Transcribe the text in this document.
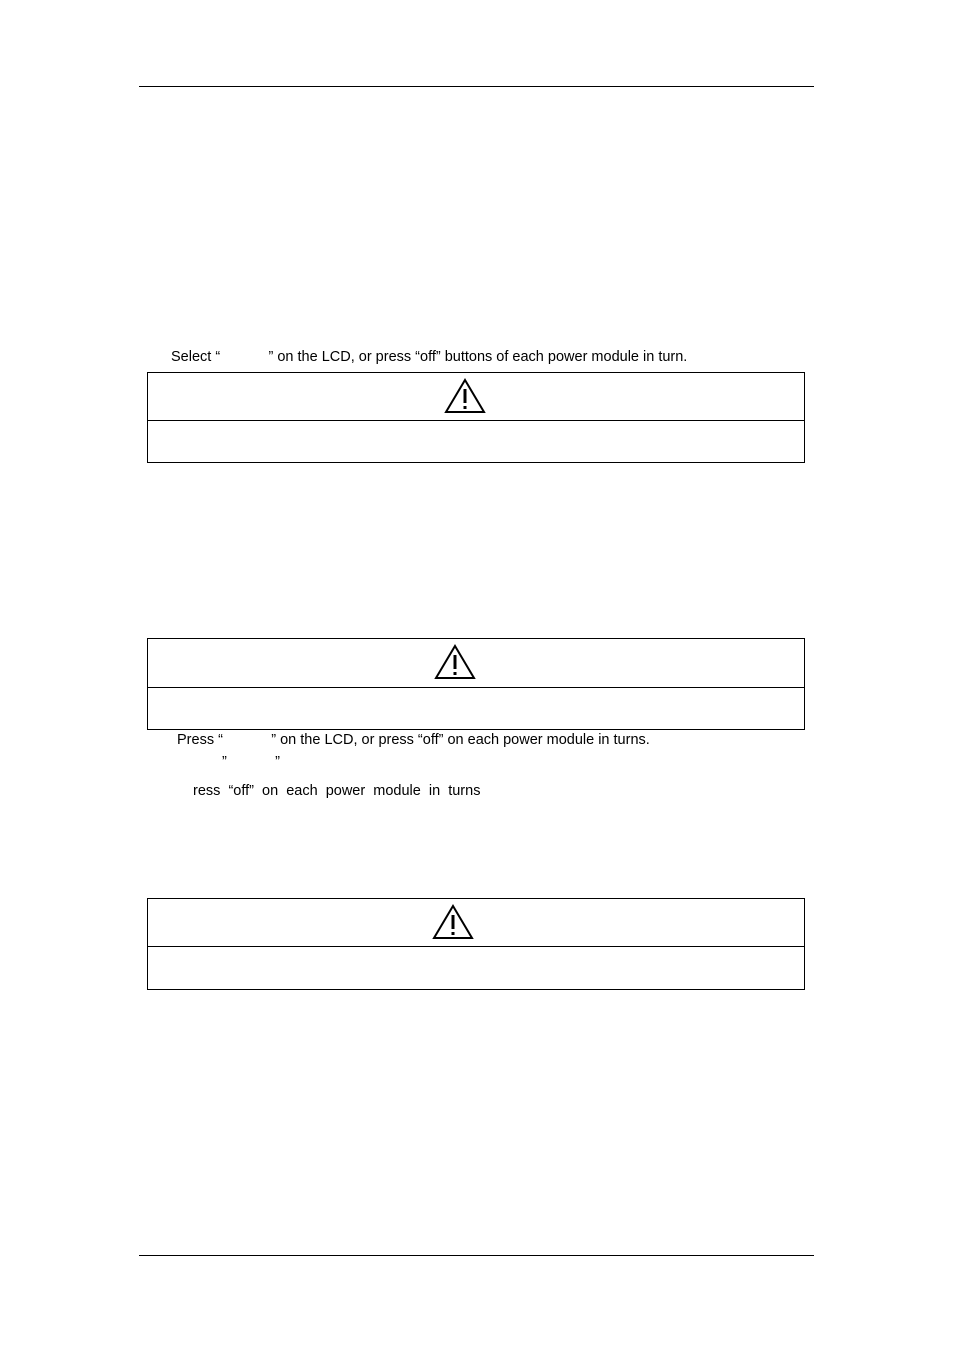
Select “            ” on the LCD, or press “off” buttons of each power module in turn.
Press “            ” on the LCD, or press “off” on each power module in turns.
”            ”
ress  “off”  on  each  power  module  in  turns
